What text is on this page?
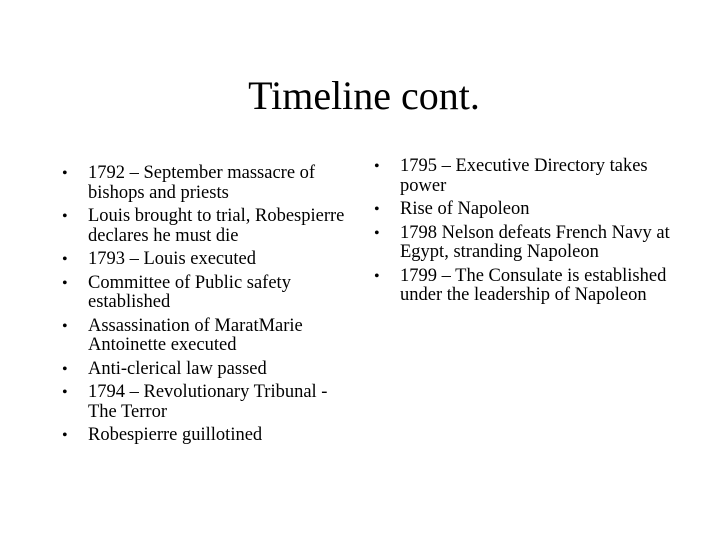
Timeline cont.
• 1792 – September massacre of bishops and priests
• Louis brought to trial, Robespierre declares he must die
• 1793 – Louis executed
• Committee of Public safety established
• Assassination of MaratMarie Antoinette executed
• Anti-clerical law passed
• 1794 – Revolutionary Tribunal - The Terror
• Robespierre guillotined
• 1795 – Executive Directory takes power
• Rise of Napoleon
• 1798 Nelson defeats French Navy at Egypt, stranding Napoleon
• 1799 – The Consulate is established under the leadership of Napoleon
